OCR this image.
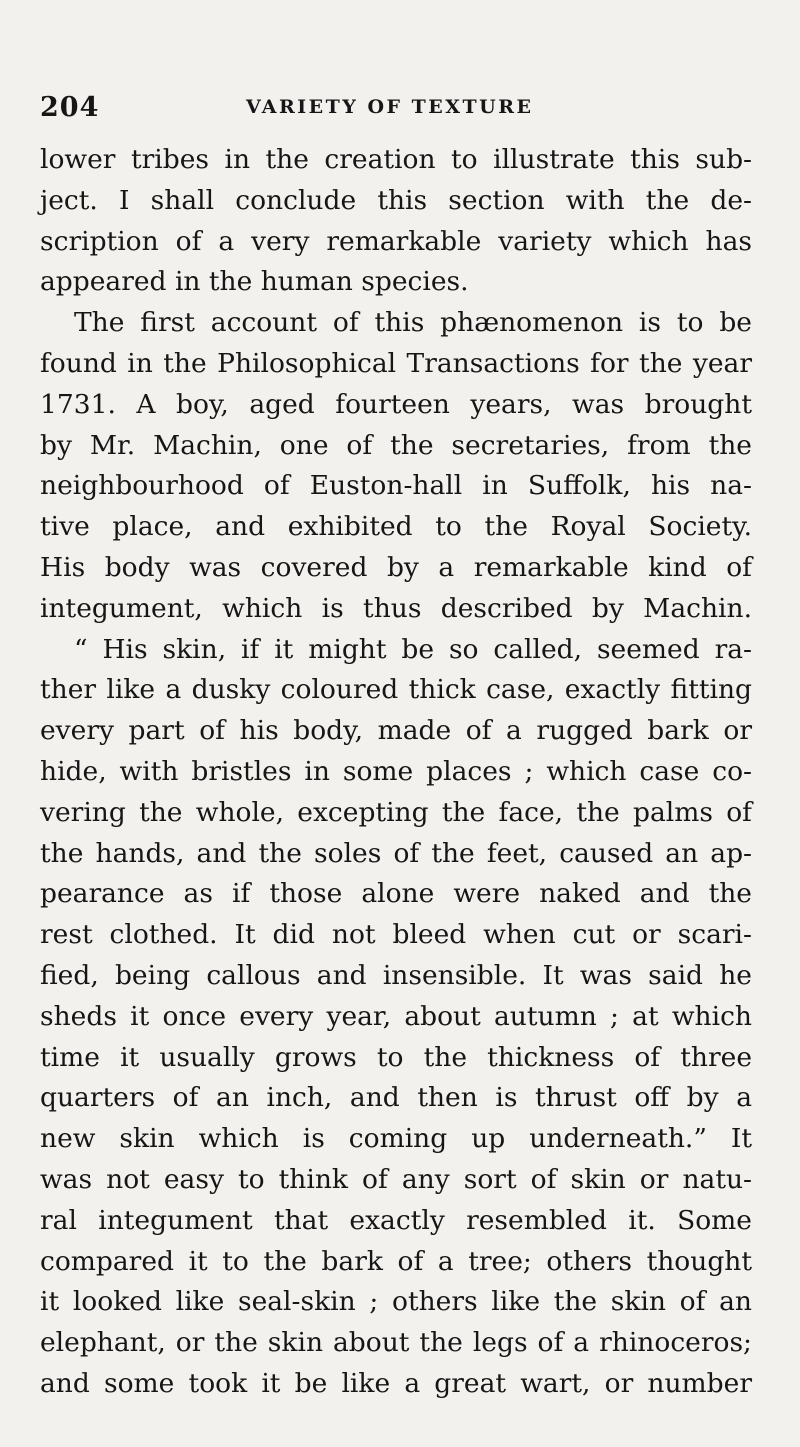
204	VARIETY OF TEXTURE
lower tribes in the creation to illustrate this sub-
ject. I shall conclude this section with the de-
scription of a very remarkable variety which has
appeared in the human species.
The first account of this phænomenon is to be
found in the Philosophical Transactions for the year
1731. A boy, aged fourteen years, was brought
by Mr. Machin, one of the secretaries, from the
neighbourhood of Euston-hall in Suffolk, his na-
tive place, and exhibited to the Royal Society.
His body was covered by a remarkable kind of
integument, which is thus described by Machin.
“ His skin, if it might be so called, seemed ra-
ther like a dusky coloured thick case, exactly fitting
every part of his body, made of a rugged bark or
hide, with bristles in some places ; which case co-
vering the whole, excepting the face, the palms of
the hands, and the soles of the feet, caused an ap-
pearance as if those alone were naked and the
rest clothed. It did not bleed when cut or scari-
fied, being callous and insensible. It was said he
sheds it once every year, about autumn ; at which
time it usually grows to the thickness of three
quarters of an inch, and then is thrust off by a
new skin which is coming up underneath.” It
was not easy to think of any sort of skin or natu-
ral integument that exactly resembled it. Some
compared it to the bark of a tree; others thought
it looked like seal-skin ; others like the skin of an
elephant, or the skin about the legs of a rhinoceros;
and some took it be like a great wart, or number
